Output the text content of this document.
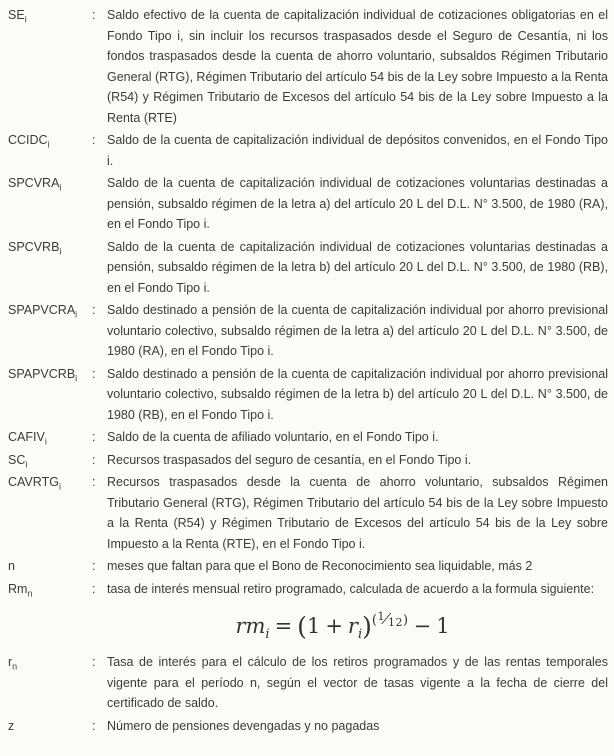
$SE_i$	: Saldo efectivo de la cuenta de capitalización individual de cotizaciones obligatorias en el Fondo Tipo i, sin incluir los recursos traspasados desde el Seguro de Cesantía, ni los fondos traspasados desde la cuenta de ahorro voluntario, subsaldos Régimen Tributario General (RTG), Régimen Tributario del artículo 54 bis de la Ley sobre Impuesto a la Renta (R54) y Régimen Tributario de Excesos del artículo 54 bis de la Ley sobre Impuesto a la Renta (RTE)

$CCIDC_i$	: Saldo de la cuenta de capitalización individual de depósitos convenidos, en el Fondo Tipo i.

$SPCVRA_i$	Saldo de la cuenta de capitalización individual de cotizaciones voluntarias destinadas a pensión, subsaldo régimen de la letra a) del artículo 20 L del D.L. N° 3.500, de 1980 (RA), en el Fondo Tipo i.

$SPCVRB_i$	Saldo de la cuenta de capitalización individual de cotizaciones voluntarias destinadas a pensión, subsaldo régimen de la letra b) del artículo 20 L del D.L. N° 3.500, de 1980 (RB), en el Fondo Tipo i.

$SPAPVCRA_i$	: Saldo destinado a pensión de la cuenta de capitalización individual por ahorro previsional voluntario colectivo, subsaldo régimen de la letra a) del artículo 20 L del D.L. N° 3.500, de 1980 (RA), en el Fondo Tipo i.

$SPAPVCRB_i$	: Saldo destinado a pensión de la cuenta de capitalización individual por ahorro previsional voluntario colectivo, subsaldo régimen de la letra b) del artículo 20 L del D.L. N° 3.500, de 1980 (RB), en el Fondo Tipo i.

$CAFIV_i$	: Saldo de la cuenta de afiliado voluntario, en el Fondo Tipo i.

$SC_i$	: Recursos traspasados del seguro de cesantía, en el Fondo Tipo i.

$CAVRTG_i$	: Recursos traspasados desde la cuenta de ahorro voluntario, subsaldos Régimen Tributario General (RTG), Régimen Tributario del artículo 54 bis de la Ley sobre Impuesto a la Renta (R54) y Régimen Tributario de Excesos del artículo 54 bis de la Ley sobre Impuesto a la Renta (RTE), en el Fondo Tipo i.

n	: meses que faltan para que el Bono de Reconocimiento sea liquidable, más 2

$Rm_n$	: tasa de interés mensual retiro programado, calculada de acuerdo a la formula siguiente:

$rm_i = (1 + r_i)^{(^1⁄12)} - 1$
$r_n$	: Tasa de interés para el cálculo de los retiros programados y de las rentas temporales vigente para el período n, según el vector de tasas vigente a la fecha de cierre del certificado de saldo.

z	: Número de pensiones devengadas y no pagadas
